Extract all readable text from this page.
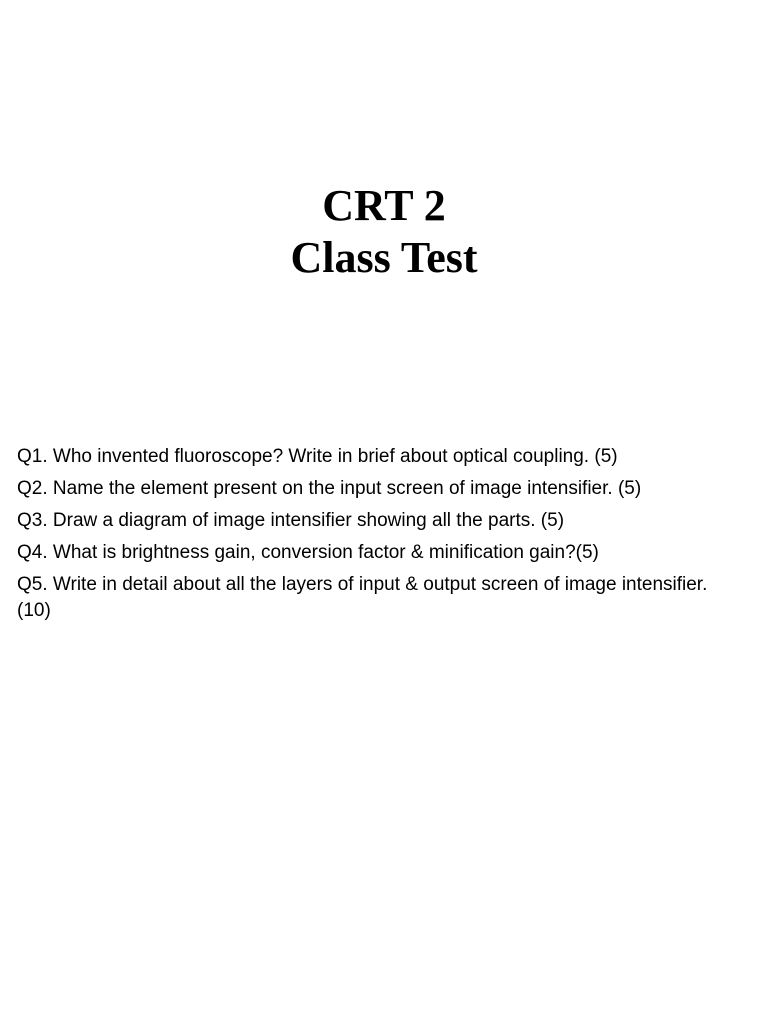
CRT 2
Class Test

Q1. Who invented fluoroscope? Write in brief about optical coupling. (5)

Q2. Name the element present on the input screen of image intensifier. (5)

Q3. Draw a diagram of image intensifier showing all the parts. (5)

Q4. What is brightness gain, conversion factor & minification gain?(5)

Q5. Write in detail about all the layers of input & output screen of image intensifier.(10)
